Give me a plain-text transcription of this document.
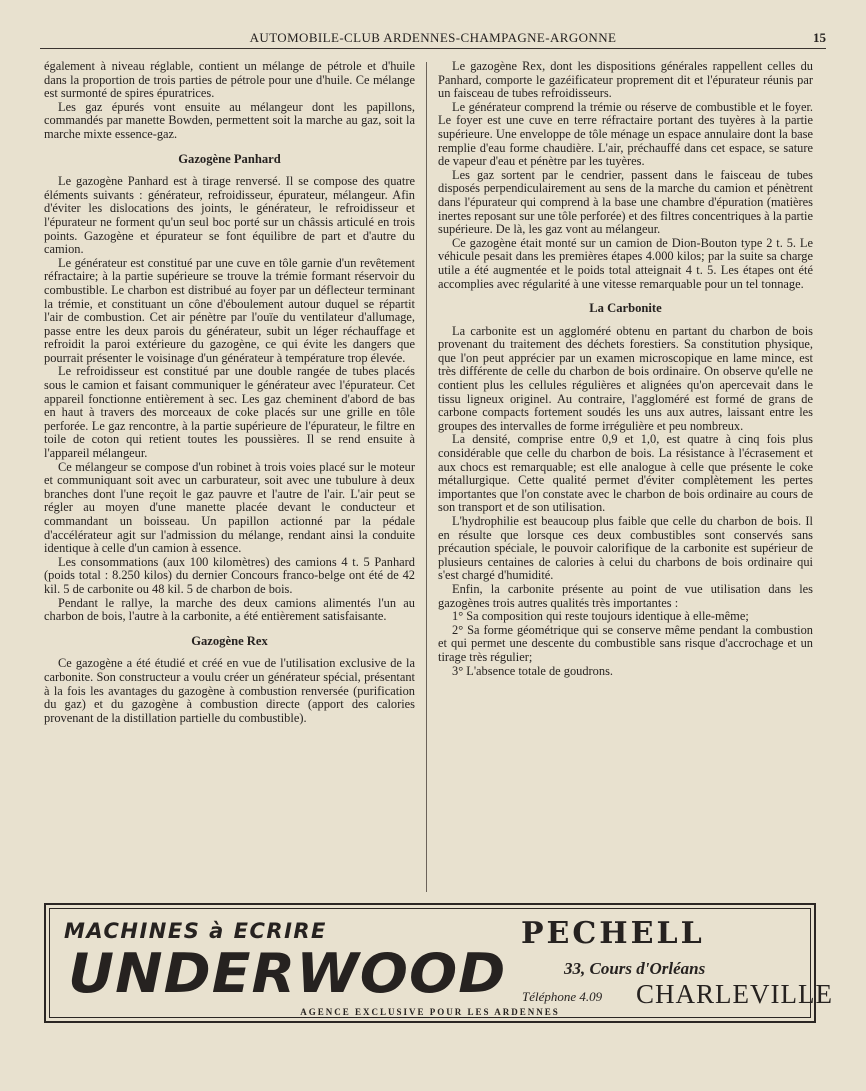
AUTOMOBILE-CLUB ARDENNES-CHAMPAGNE-ARGONNE	15

également à niveau réglable, contient un mélange de pétrole et d'huile dans la proportion de trois parties de pétrole pour une d'huile. Ce mélange est surmonté de spires épuratrices.

Les gaz épurés vont ensuite au mélangeur dont les papillons, commandés par manette Bowden, permettent soit la marche au gaz, soit la marche mixte essence-gaz.

Gazogène Panhard

Le gazogène Panhard est à tirage renversé. Il se compose des quatre éléments suivants : générateur, refroidisseur, épurateur, mélangeur. Afin d'éviter les dislocations des joints, le générateur, le refroidisseur et l'épurateur ne forment qu'un seul boc porté sur un châssis articulé en trois points. Gazogène et épurateur se font équilibre de part et d'autre du camion.

Le générateur est constitué par une cuve en tôle garnie d'un revêtement réfractaire; à la partie supérieure se trouve la trémie formant réservoir du combustible. Le charbon est distribué au foyer par un déflecteur terminant la trémie, et constituant un cône d'éboulement autour duquel se répartit l'air de combustion. Cet air pénètre par l'ouïe du ventilateur d'allumage, passe entre les deux parois du générateur, subit un léger réchauffage et refroidit la paroi extérieure du gazogène, ce qui évite les dangers que pourrait présenter le voisinage d'un générateur à température trop élevée.

Le refroidisseur est constitué par une double rangée de tubes placés sous le camion et faisant communiquer le générateur avec l'épurateur. Cet appareil fonctionne entièrement à sec. Les gaz cheminent d'abord de bas en haut à travers des morceaux de coke placés sur une grille en tôle perforée. Le gaz rencontre, à la partie supérieure de l'épurateur, le filtre en toile de coton qui retient toutes les poussières. Il se rend ensuite à l'appareil mélangeur.

Ce mélangeur se compose d'un robinet à trois voies placé sur le moteur et communiquant soit avec un carburateur, soit avec une tubulure à deux branches dont l'une reçoit le gaz pauvre et l'autre de l'air. L'air peut se régler au moyen d'une manette placée devant le conducteur et commandant un boisseau. Un papillon actionné par la pédale d'accélérateur agit sur l'admission du mélange, rendant ainsi la conduite identique à celle d'un camion à essence.

Les consommations (aux 100 kilomètres) des camions 4 t. 5 Panhard (poids total : 8.250 kilos) du dernier Concours franco-belge ont été de 42 kil. 5 de carbonite ou 48 kil. 5 de charbon de bois.

Pendant le rallye, la marche des deux camions alimentés l'un au charbon de bois, l'autre à la carbonite, a été entièrement satisfaisante.

Gazogène Rex

Ce gazogène a été étudié et créé en vue de l'utilisation exclusive de la carbonite. Son constructeur a voulu créer un générateur spécial, présentant à la fois les avantages du gazogène à combustion renversée (purification du gaz) et du gazogène à combustion directe (apport des calories provenant de la distillation partielle du combustible).

Le gazogène Rex, dont les dispositions générales rappellent celles du Panhard, comporte le gazéificateur proprement dit et l'épurateur réunis par un faisceau de tubes refroidisseurs.

Le générateur comprend la trémie ou réserve de combustible et le foyer. Le foyer est une cuve en terre réfractaire portant des tuyères à la partie supérieure. Une enveloppe de tôle ménage un espace annulaire dont la base remplie d'eau forme chaudière. L'air, préchauffé dans cet espace, se sature de vapeur d'eau et pénètre par les tuyères.

Les gaz sortent par le cendrier, passent dans le faisceau de tubes disposés perpendiculairement au sens de la marche du camion et pénètrent dans l'épurateur qui comprend à la base une chambre d'épuration (matières inertes reposant sur une tôle perforée) et des filtres concentriques à la partie supérieure. De là, les gaz vont au mélangeur.

Ce gazogène était monté sur un camion de Dion-Bouton type 2 t. 5. Le véhicule pesait dans les premières étapes 4.000 kilos; par la suite sa charge utile a été augmentée et le poids total atteignait 4 t. 5. Les étapes ont été accomplies avec régularité à une vitesse remarquable pour un tel tonnage.

La Carbonite

La carbonite est un aggloméré obtenu en partant du charbon de bois provenant du traitement des déchets forestiers. Sa constitution physique, que l'on peut apprécier par un examen microscopique en lame mince, est très différente de celle du charbon de bois ordinaire. On observe qu'elle ne contient plus les cellules régulières et alignées qu'on apercevait dans le tissu ligneux originel. Au contraire, l'aggloméré est formé de grans de carbone compacts fortement soudés les uns aux autres, laissant entre les groupes des intervalles de forme irrégulière et peu nombreux.

La densité, comprise entre 0,9 et 1,0, est quatre à cinq fois plus considérable que celle du charbon de bois. La résistance à l'écrasement et aux chocs est remarquable; est elle analogue à celle que présente le coke métallurgique. Cette qualité permet d'éviter complètement les pertes importantes que l'on constate avec le charbon de bois ordinaire au cours de son transport et de son utilisation.

L'hydrophilie est beaucoup plus faible que celle du charbon de bois. Il en résulte que lorsque ces deux combustibles sont conservés sans précaution spéciale, le pouvoir calorifique de la carbonite est supérieur de plusieurs centaines de calories à celui du charbons de bois ordinaire qui s'est chargé d'humidité.

Enfin, la carbonite présente au point de vue utilisation dans les gazogènes trois autres qualités très importantes :

1° Sa composition qui reste toujours identique à elle-même;
2° Sa forme géométrique qui se conserve même pendant la combustion et qui permet une descente du combustible sans risque d'accrochage et un tirage très régulier;
3° L'absence totale de goudrons.
MACHINES à ECRIRE
UNDERWOOD
AGENCE EXCLUSIVE POUR LES ARDENNES
PECHELL
33, Cours d'Orléans
Téléphone 4.09 CHARLEVILLE
